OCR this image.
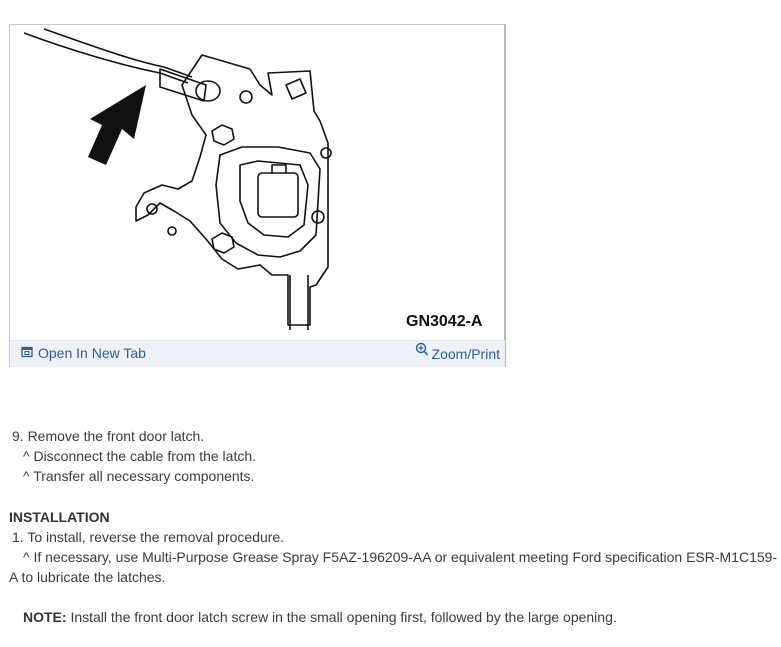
GN3042-A
Open In New Tab	Zoom/Print
9. Remove the front door latch.
^ Disconnect the cable from the latch.
^ Transfer all necessary components.
INSTALLATION
1. To install, reverse the removal procedure.
^ If necessary, use Multi-Purpose Grease Spray F5AZ-196209-AA or equivalent meeting Ford specification ESR-M1C159-
A to lubricate the latches.
NOTE: Install the front door latch screw in the small opening first, followed by the large opening.
